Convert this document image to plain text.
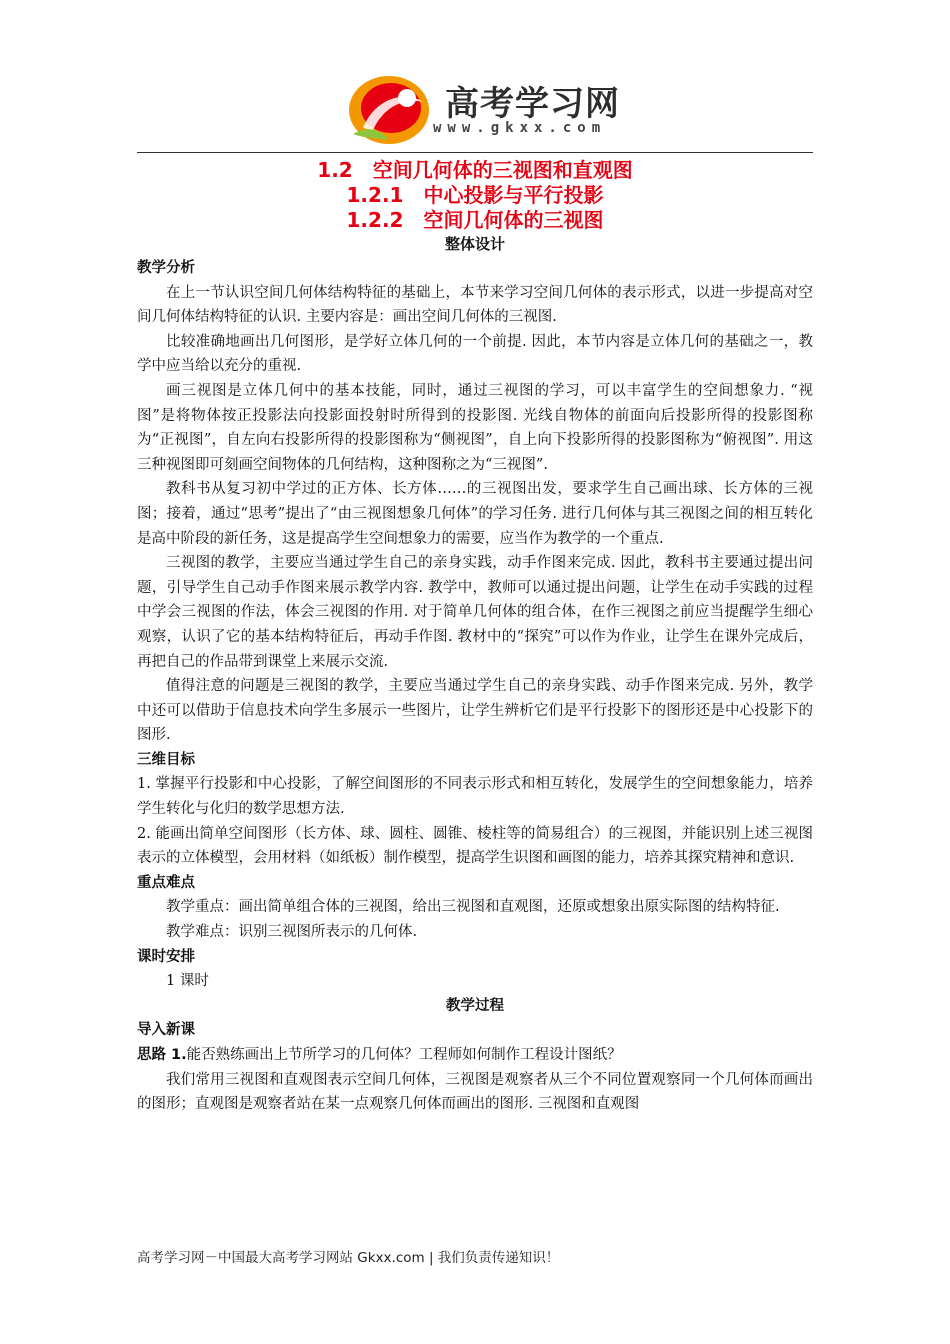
高考学习网
www.gkxx.com
1.2　空间几何体的三视图和直观图
1.2.1　中心投影与平行投影
1.2.2　空间几何体的三视图
整体设计

教学分析

在上一节认识空间几何体结构特征的基础上，本节来学习空间几何体的表示形式，以进一步提高对空间几何体结构特征的认识. 主要内容是：画出空间几何体的三视图.

比较准确地画出几何图形，是学好立体几何的一个前提. 因此，本节内容是立体几何的基础之一，教学中应当给以充分的重视.

画三视图是立体几何中的基本技能，同时，通过三视图的学习，可以丰富学生的空间想象力. “视图”是将物体按正投影法向投影面投射时所得到的投影图. 光线自物体的前面向后投影所得的投影图称为“正视图”，自左向右投影所得的投影图称为“侧视图”，自上向下投影所得的投影图称为“俯视图”. 用这三种视图即可刻画空间物体的几何结构，这种图称之为“三视图”.

教科书从复习初中学过的正方体、长方体……的三视图出发，要求学生自己画出球、长方体的三视图；接着，通过“思考”提出了“由三视图想象几何体”的学习任务. 进行几何体与其三视图之间的相互转化是高中阶段的新任务，这是提高学生空间想象力的需要，应当作为教学的一个重点.

三视图的教学，主要应当通过学生自己的亲身实践，动手作图来完成. 因此，教科书主要通过提出问题，引导学生自己动手作图来展示教学内容. 教学中，教师可以通过提出问题，让学生在动手实践的过程中学会三视图的作法，体会三视图的作用. 对于简单几何体的组合体，在作三视图之前应当提醒学生细心观察，认识了它的基本结构特征后，再动手作图. 教材中的“探究”可以作为作业，让学生在课外完成后，再把自己的作品带到课堂上来展示交流.

值得注意的问题是三视图的教学，主要应当通过学生自己的亲身实践、动手作图来完成. 另外，教学中还可以借助于信息技术向学生多展示一些图片，让学生辨析它们是平行投影下的图形还是中心投影下的图形.

三维目标

1. 掌握平行投影和中心投影，了解空间图形的不同表示形式和相互转化，发展学生的空间想象能力，培养学生转化与化归的数学思想方法.

2. 能画出简单空间图形（长方体、球、圆柱、圆锥、棱柱等的简易组合）的三视图，并能识别上述三视图表示的立体模型，会用材料（如纸板）制作模型，提高学生识图和画图的能力，培养其探究精神和意识.

重点难点

教学重点：画出简单组合体的三视图，给出三视图和直观图，还原或想象出原实际图的结构特征.

教学难点：识别三视图所表示的几何体.

课时安排

1 课时

教学过程

导入新课

思路 1.能否熟练画出上节所学习的几何体？工程师如何制作工程设计图纸？

我们常用三视图和直观图表示空间几何体，三视图是观察者从三个不同位置观察同一个几何体而画出的图形；直观图是观察者站在某一点观察几何体而画出的图形. 三视图和直观图

高考学习网－中国最大高考学习网站 Gkxx.com | 我们负责传递知识！
